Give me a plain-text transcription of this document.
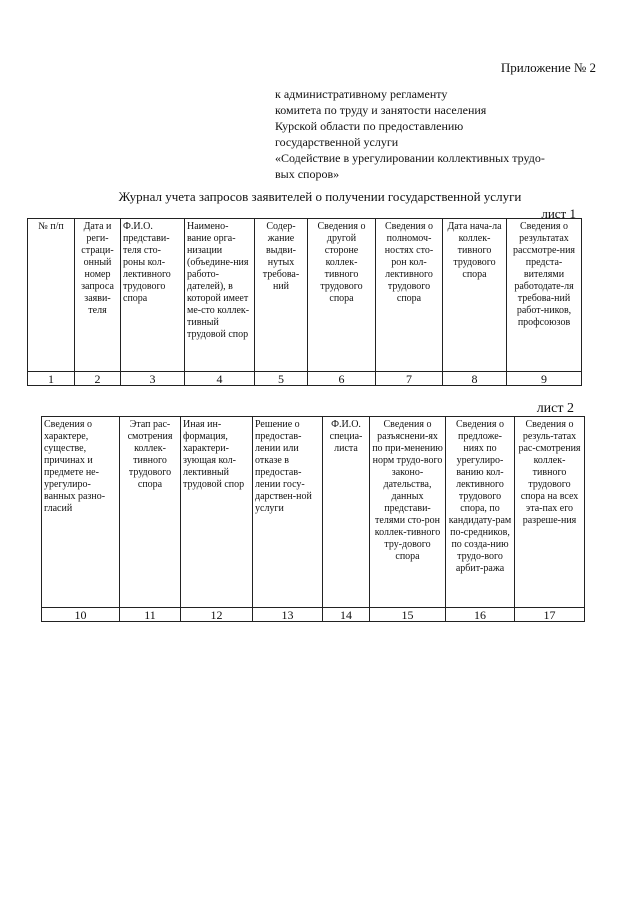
Приложение № 2
к административному регламенту
комитета по труду и занятости населения
Курской области по предоставлению
государственной услуги
«Содействие в урегулировании коллективных трудо-
вых споров»
Журнал учета запросов заявителей о получении государственной услуги
лист 1
№ п/п	Дата и реги-страци-онный номер запроса заяви-теля	Ф.И.О. представи-теля сто-роны кол-лективного трудового спора	Наимено-вание орга-низации (объедине-ния работо-дателей), в которой имеет ме-сто коллек-тивный трудовой спор	Содер-жание выдви-нутых требова-ний	Сведения о другой стороне коллек-тивного трудового спора	Сведения о полномоч-ностях сто-рон кол-лективного трудового спора	Дата нача-ла коллек-тивного трудового спора	Сведения о результатах рассмотре-ния предста-вителями работодате-ля требова-ний работ-ников, профсоюзов
1	2	3	4	5	6	7	8	9
лист 2
Сведения о характере, существе, причинах и предмете не-урегулиро-ванных разно-гласий	Этап рас-смотрения коллек-тивного трудового спора	Иная ин-формация, характери-зующая кол-лективный трудовой спор	Решение о предостав-лении или отказе в предостав-лении госу-дарствен-ной услуги	Ф.И.О. специа-листа	Сведения о разъяснени-ях по при-менению норм трудо-вого законо-дательства, данных представи-телями сто-рон коллек-тивного тру-дового спора	Сведения о предложе-ниях по урегулиро-ванию кол-лективного трудового спора, по кандидату-рам по-средников, по созда-нию трудо-вого арбит-ража	Сведения о резуль-татах рас-смотрения коллек-тивного трудового спора на всех эта-пах его разреше-ния
10	11	12	13	14	15	16	17
